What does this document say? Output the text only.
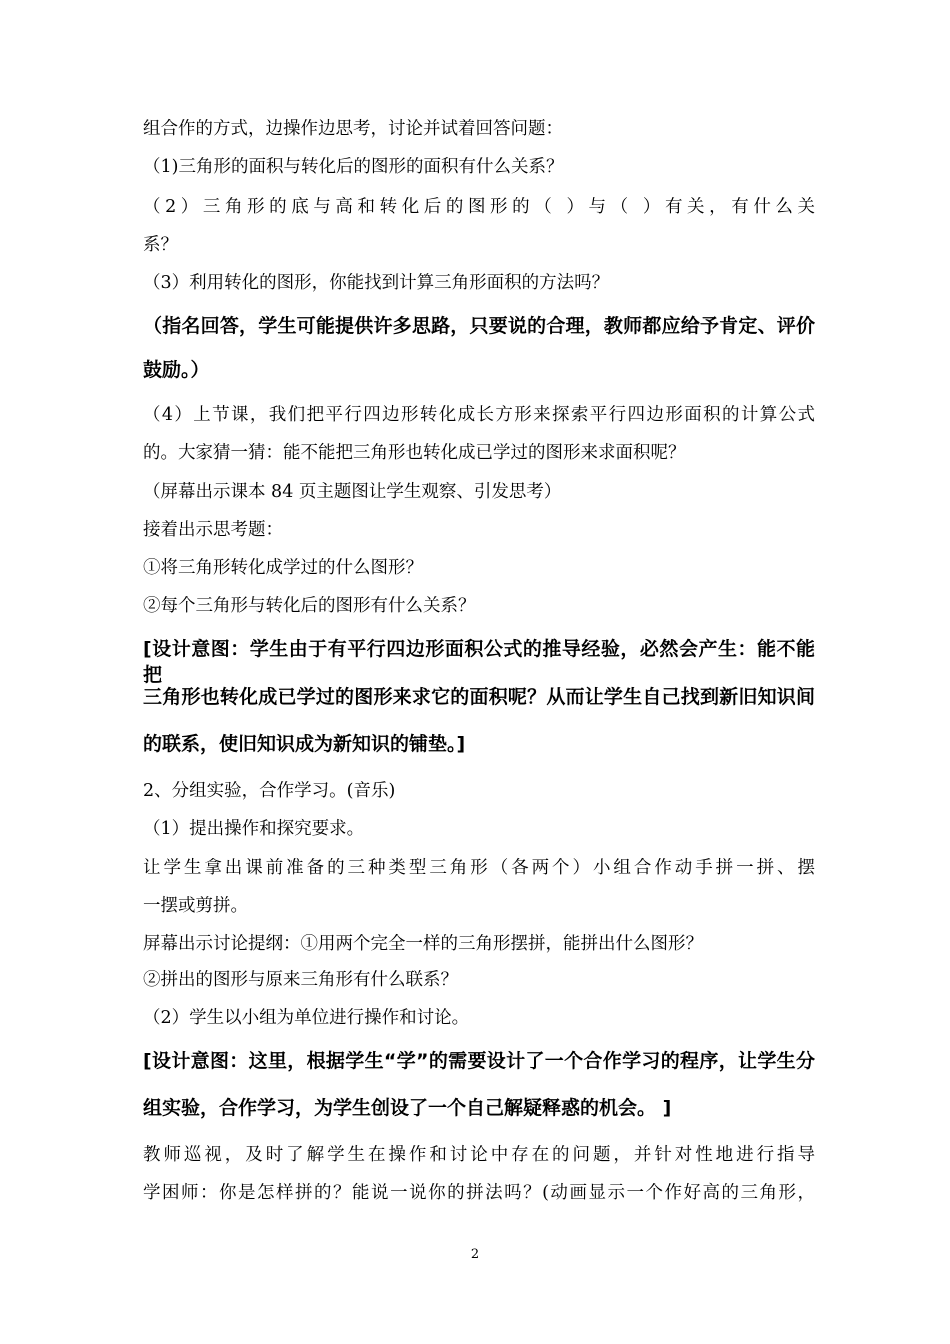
组合作的方式，边操作边思考，讨论并试着回答问题：
（1)三角形的面积与转化后的图形的面积有什么关系？
（2）三角形的底与高和转化后的图形的（ ）与（ ）有关，有什么关
系？
（3）利用转化的图形，你能找到计算三角形面积的方法吗？
（指名回答，学生可能提供许多思路，只要说的合理，教师都应给予肯定、评价
鼓励。）
（4）上节课，我们把平行四边形转化成长方形来探索平行四边形面积的计算公式
的。大家猜一猜：能不能把三角形也转化成已学过的图形来求面积呢？
（屏幕出示课本 84 页主题图让学生观察、引发思考）
接着出示思考题：
①将三角形转化成学过的什么图形？
②每个三角形与转化后的图形有什么关系？
[设计意图：学生由于有平行四边形面积公式的推导经验，必然会产生：能不能把
三角形也转化成已学过的图形来求它的面积呢？从而让学生自己找到新旧知识间
的联系，使旧知识成为新知识的铺垫。]
2、分组实验，合作学习。(音乐)
（1）提出操作和探究要求。
让学生拿出课前准备的三种类型三角形（各两个）小组合作动手拼一拼、摆
一摆或剪拼。
屏幕出示讨论提纲：①用两个完全一样的三角形摆拼，能拼出什么图形？
②拼出的图形与原来三角形有什么联系？
（2）学生以小组为单位进行操作和讨论。
[设计意图：这里，根据学生“学”的需要设计了一个合作学习的程序，让学生分
组实验，合作学习，为学生创设了一个自己解疑释惑的机会。 ]
教师巡视，及时了解学生在操作和讨论中存在的问题，并针对性地进行指导
学困师：你是怎样拼的？能说一说你的拼法吗？(动画显示一个作好高的三角形，
2
